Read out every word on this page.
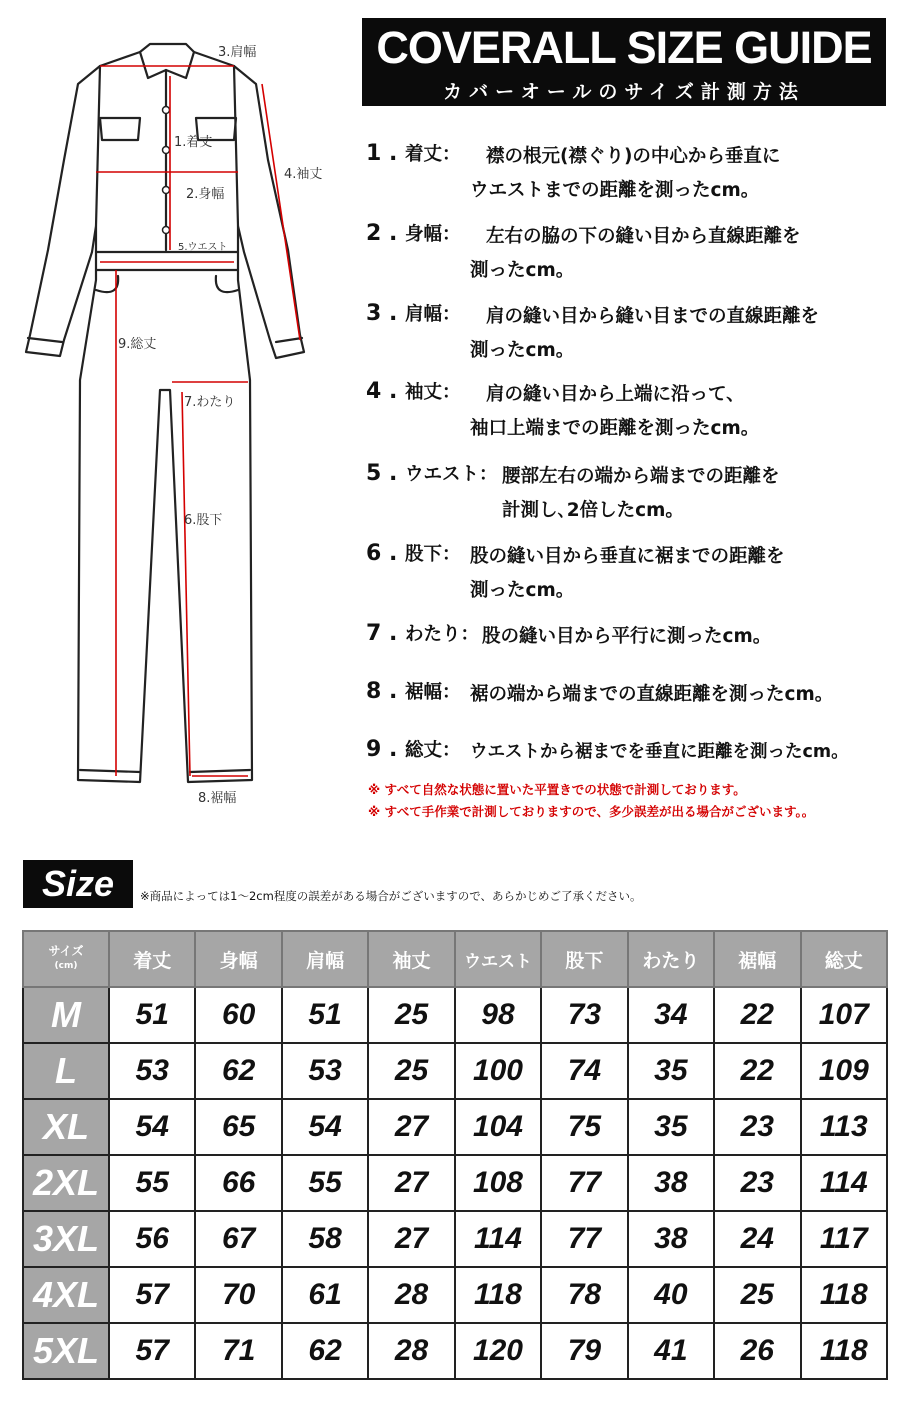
COVERALL SIZE GUIDE
カバーオールのサイズ計測方法
3.肩幅
1.着丈
2.身幅
4.袖丈
5.ウエスト
9.総丈
7.わたり
6.股下
8.裾幅
1 . 着丈： 襟の根元(襟ぐり)の中心から垂直に
ウエストまでの距離を測ったcm。
2 . 身幅： 左右の脇の下の縫い目から直線距離を
測ったcm。
3 . 肩幅： 肩の縫い目から縫い目までの直線距離を
測ったcm。
4 . 袖丈： 肩の縫い目から上端に沿って、
袖口上端までの距離を測ったcm。
5 . ウエスト： 腰部左右の端から端までの距離を
計測し､2倍したcm。
6 . 股下： 股の縫い目から垂直に裾までの距離を
測ったcm。
7 . わたり： 股の縫い目から平行に測ったcm。
8 . 裾幅： 裾の端から端までの直線距離を測ったcm。
9 . 総丈： ウエストから裾までを垂直に距離を測ったcm。
※ すべて自然な状態に置いた平置きでの状態で計測しております。
※ すべて手作業で計測しておりますので、多少誤差が出る場合がございます。。
Size	※商品によっては1～2cm程度の誤差がある場合がございますので、あらかじめご了承ください。
サイズ
(cm)	着丈	身幅	肩幅	袖丈	ウエスト	股下	わたり	裾幅	総丈
M	51	60	51	25	98	73	34	22	107
L	53	62	53	25	100	74	35	22	109
XL	54	65	54	27	104	75	35	23	113
2XL	55	66	55	27	108	77	38	23	114
3XL	56	67	58	27	114	77	38	24	117
4XL	57	70	61	28	118	78	40	25	118
5XL	57	71	62	28	120	79	41	26	118
